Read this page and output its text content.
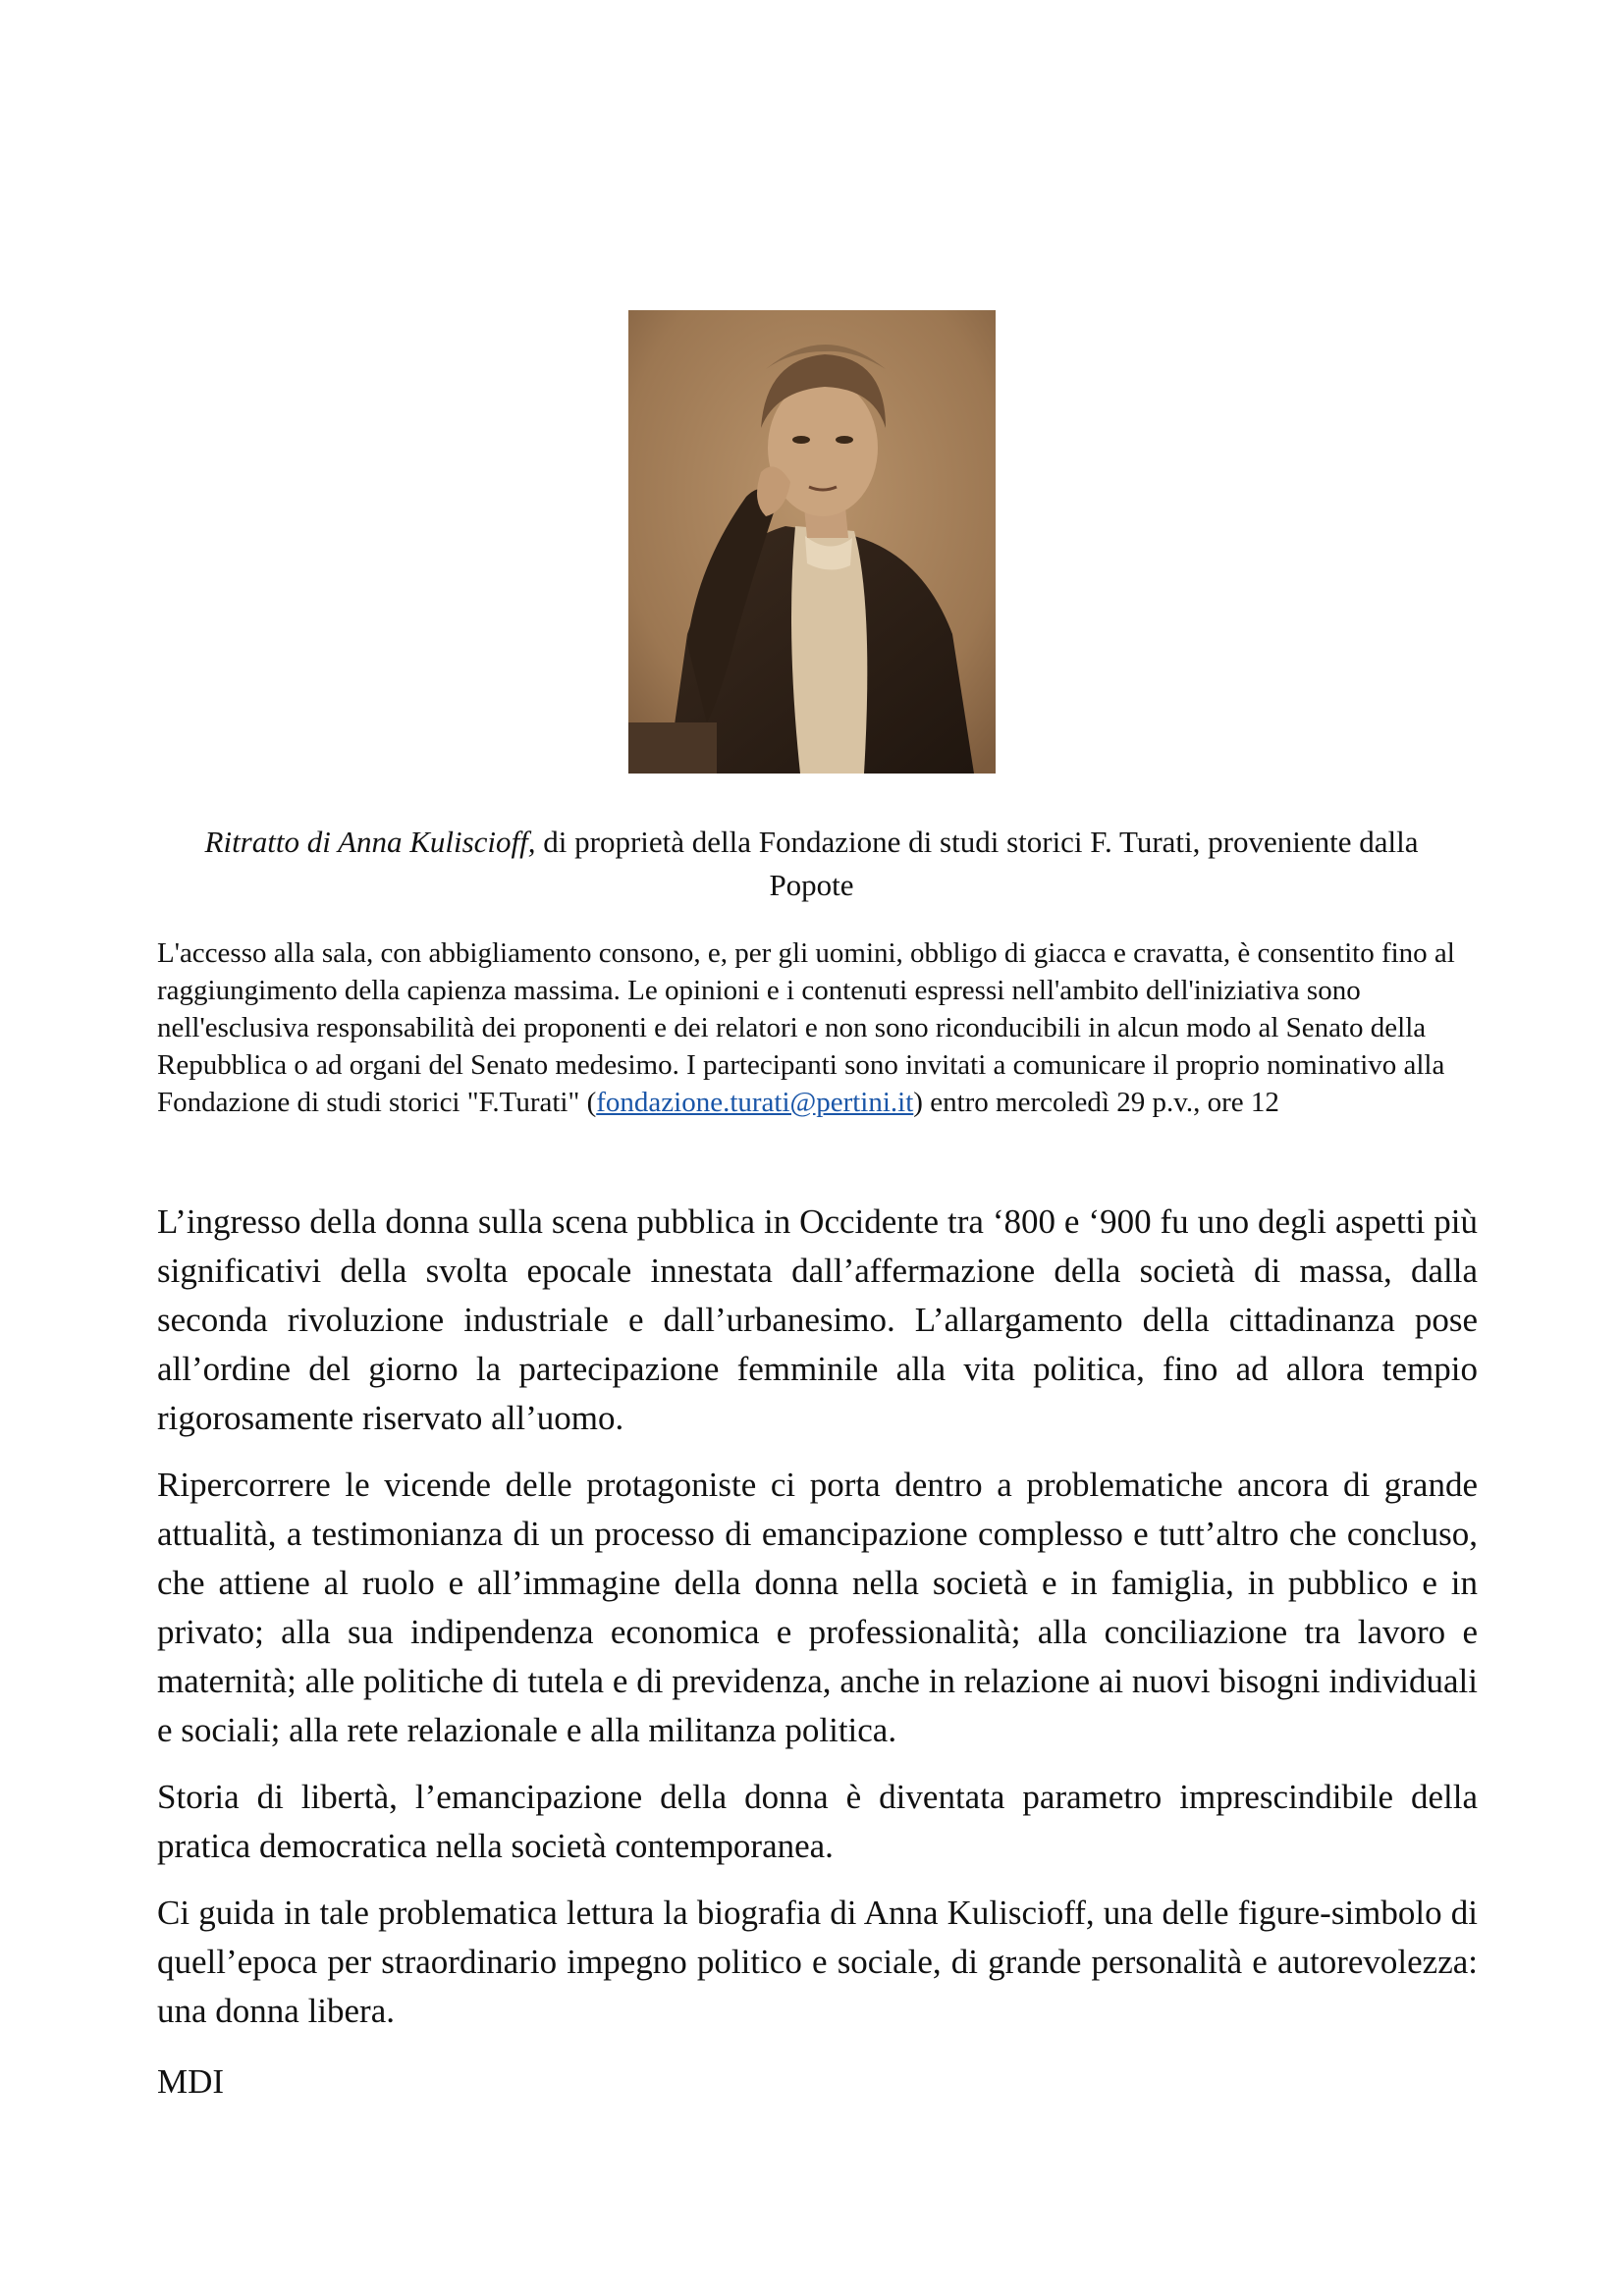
Ritratto di Anna Kuliscioff, di proprietà della Fondazione di studi storici F. Turati, proveniente dalla
Popote

L'accesso alla sala, con abbigliamento consono, e, per gli uomini, obbligo di giacca e cravatta, è consentito fino al raggiungimento della capienza massima. Le opinioni e i contenuti espressi nell'ambito dell'iniziativa sono nell'esclusiva responsabilità dei proponenti e dei relatori e non sono riconducibili in alcun modo al Senato della Repubblica o ad organi del Senato medesimo. I partecipanti sono invitati a comunicare il proprio nominativo alla Fondazione di studi storici "F.Turati" (fondazione.turati@pertini.it) entro mercoledì 29 p.v., ore 12

L’ingresso della donna sulla scena pubblica in Occidente tra ‘800 e ‘900 fu uno degli aspetti più significativi della svolta epocale innestata dall’affermazione della società di massa, dalla seconda rivoluzione industriale e dall’urbanesimo. L’allargamento della cittadinanza pose all’ordine del giorno la partecipazione femminile alla vita politica, fino ad allora tempio rigorosamente riservato all’uomo.

Ripercorrere le vicende delle protagoniste ci porta dentro a problematiche ancora di grande attualità, a testimonianza di un processo di emancipazione complesso e tutt’altro che concluso, che attiene al ruolo e all’immagine della donna nella società e in famiglia, in pubblico e in privato; alla sua indipendenza economica e professionalità; alla conciliazione tra lavoro e maternità; alle politiche di tutela e di previdenza, anche in relazione ai nuovi bisogni individuali e sociali; alla rete relazionale e alla militanza politica.

Storia di libertà, l’emancipazione della donna è diventata parametro imprescindibile della pratica democratica nella società contemporanea.

Ci guida in tale problematica lettura la biografia di Anna Kuliscioff, una delle figure-simbolo di quell’epoca per straordinario impegno politico e sociale, di grande personalità e autorevolezza: una donna libera.

MDI
